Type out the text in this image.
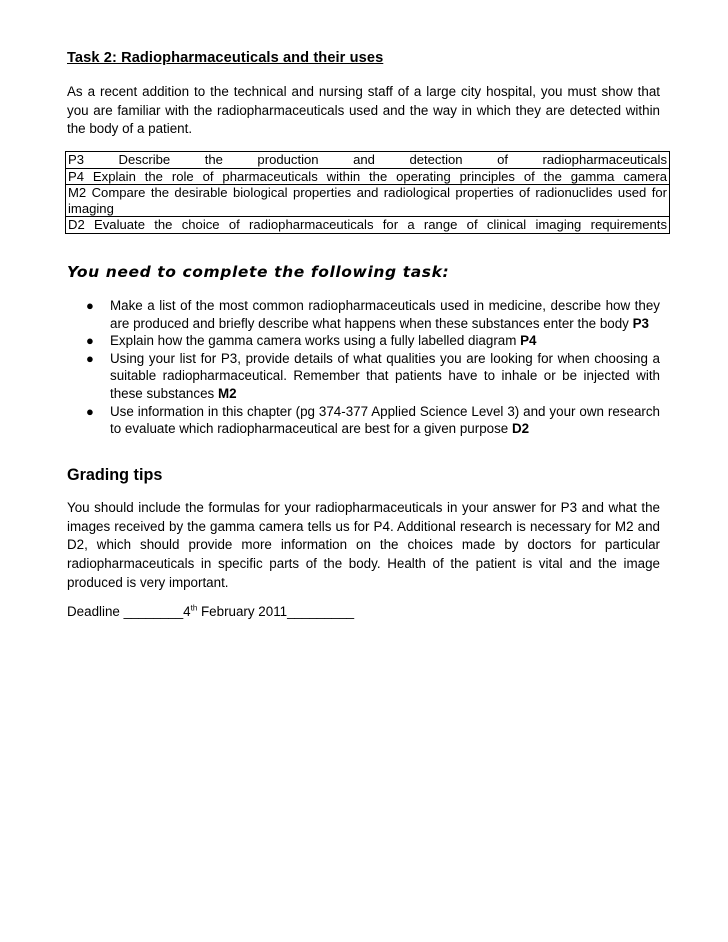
Task 2: Radiopharmaceuticals and their uses
As a recent addition to the technical and nursing staff of a large city hospital, you must show that you are familiar with the radiopharmaceuticals used and the way in which they are detected within the body of a patient.
P3 Describe the production and detection of radiopharmaceuticals
P4 Explain the role of pharmaceuticals within the operating principles of the gamma camera
M2 Compare the desirable biological properties and radiological properties of radionuclides used for imaging
D2 Evaluate the choice of radiopharmaceuticals for a range of clinical imaging requirements
You need to complete the following task:
● Make a list of the most common radiopharmaceuticals used in medicine, describe how they are produced and briefly describe what happens when these substances enter the body P3
● Explain how the gamma camera works using a fully labelled diagram P4
● Using your list for P3, provide details of what qualities you are looking for when choosing a suitable radiopharmaceutical. Remember that patients have to inhale or be injected with these substances M2
● Use information in this chapter (pg 374-377 Applied Science Level 3) and your own research to evaluate which radiopharmaceutical are best for a given purpose D2
Grading tips
You should include the formulas for your radiopharmaceuticals in your answer for P3 and what the images received by the gamma camera tells us for P4. Additional research is necessary for M2 and D2, which should provide more information on the choices made by doctors for particular radiopharmaceuticals in specific parts of the body. Health of the patient is vital and the image produced is very important.
Deadline ________4th February 2011_________
